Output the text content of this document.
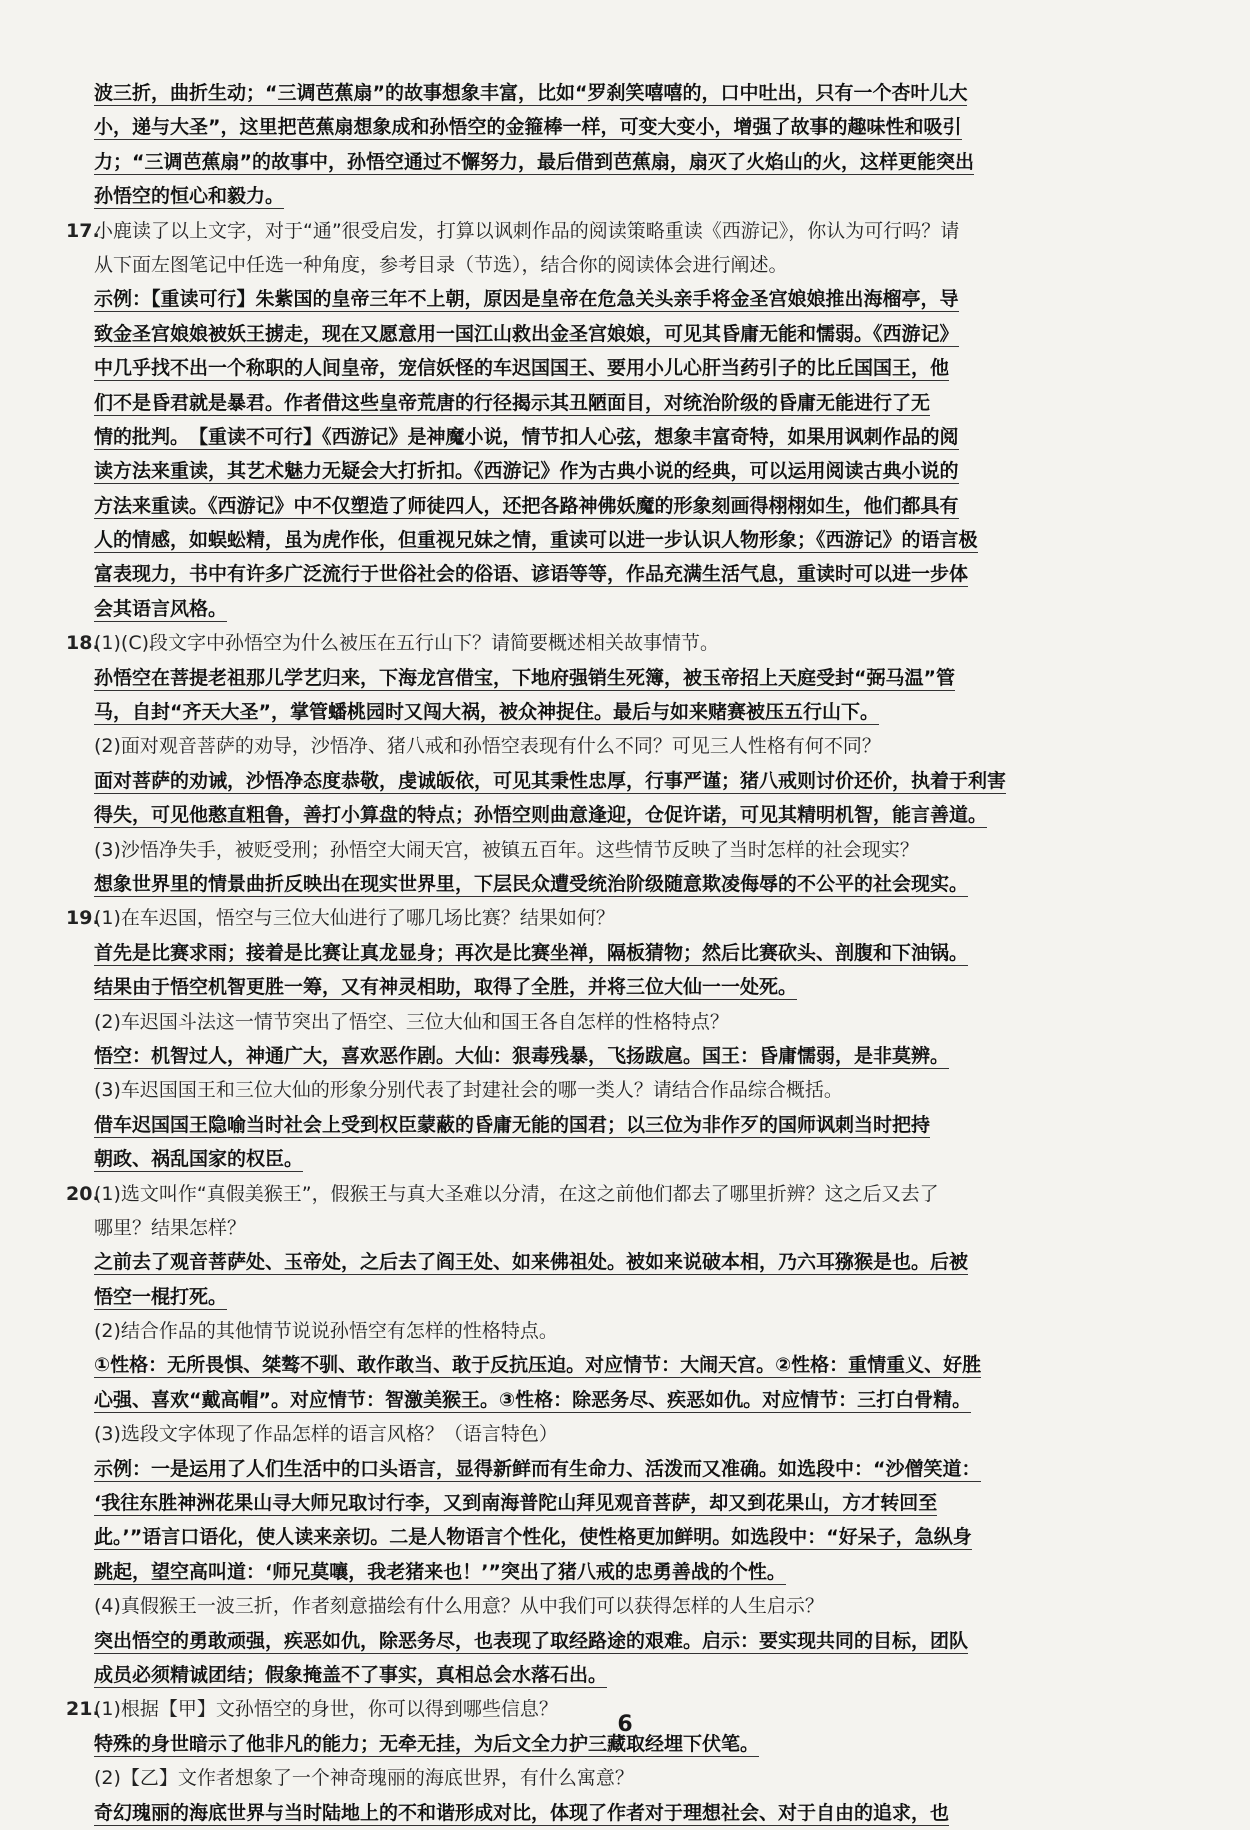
波三折，曲折生动；“三调芭蕉扇”的故事想象丰富，比如“罗刹笑嘻嘻的，口中吐出，只有一个杏叶儿大
小，递与大圣”，这里把芭蕉扇想象成和孙悟空的金箍棒一样，可变大变小，增强了故事的趣味性和吸引
力；“三调芭蕉扇”的故事中，孙悟空通过不懈努力，最后借到芭蕉扇，扇灭了火焰山的火，这样更能突出
孙悟空的恒心和毅力。
17.小鹿读了以上文字，对于“通”很受启发，打算以讽刺作品的阅读策略重读《西游记》，你认为可行吗？请
从下面左图笔记中任选一种角度，参考目录（节选），结合你的阅读体会进行阐述。
示例：【重读可行】朱紫国的皇帝三年不上朝，原因是皇帝在危急关头亲手将金圣宫娘娘推出海榴亭，导
致金圣宫娘娘被妖王掳走，现在又愿意用一国江山救出金圣宫娘娘，可见其昏庸无能和懦弱。《西游记》
中几乎找不出一个称职的人间皇帝，宠信妖怪的车迟国国王、要用小儿心肝当药引子的比丘国国王，他
们不是昏君就是暴君。作者借这些皇帝荒唐的行径揭示其丑陋面目，对统治阶级的昏庸无能进行了无
情的批判。　【重读不可行】《西游记》是神魔小说，情节扣人心弦，想象丰富奇特，如果用讽刺作品的阅
读方法来重读，其艺术魅力无疑会大打折扣。《西游记》作为古典小说的经典，可以运用阅读古典小说的
方法来重读。《西游记》中不仅塑造了师徒四人，还把各路神佛妖魔的形象刻画得栩栩如生，他们都具有
人的情感，如蜈蚣精，虽为虎作伥，但重视兄妹之情，重读可以进一步认识人物形象；《西游记》的语言极
富表现力，书中有许多广泛流行于世俗社会的俗语、谚语等等，作品充满生活气息，重读时可以进一步体
会其语言风格。
18.(1)(C)段文字中孙悟空为什么被压在五行山下？请简要概述相关故事情节。
孙悟空在菩提老祖那儿学艺归来，下海龙宫借宝，下地府强销生死簿，被玉帝招上天庭受封“弼马温”管
马，自封“齐天大圣”，掌管蟠桃园时又闯大祸，被众神捉住。最后与如来赌赛被压五行山下。
(2)面对观音菩萨的劝导，沙悟净、猪八戒和孙悟空表现有什么不同？可见三人性格有何不同？
面对菩萨的劝诫，沙悟净态度恭敬，虔诚皈依，可见其秉性忠厚，行事严谨；猪八戒则讨价还价，执着于利害
得失，可见他憨直粗鲁，善打小算盘的特点；孙悟空则曲意逢迎，仓促许诺，可见其精明机智，能言善道。
(3)沙悟净失手，被贬受刑；孙悟空大闹天宫，被镇五百年。这些情节反映了当时怎样的社会现实？
想象世界里的情景曲折反映出在现实世界里，下层民众遭受统治阶级随意欺凌侮辱的不公平的社会现实。
19.(1)在车迟国，悟空与三位大仙进行了哪几场比赛？结果如何？
首先是比赛求雨；接着是比赛让真龙显身；再次是比赛坐禅，隔板猜物；然后比赛砍头、剖腹和下油锅。
结果由于悟空机智更胜一筹，又有神灵相助，取得了全胜，并将三位大仙一一处死。
(2)车迟国斗法这一情节突出了悟空、三位大仙和国王各自怎样的性格特点？
悟空：机智过人，神通广大，喜欢恶作剧。大仙：狠毒残暴，飞扬跋扈。国王：昏庸懦弱，是非莫辨。
(3)车迟国国王和三位大仙的形象分别代表了封建社会的哪一类人？请结合作品综合概括。
借车迟国国王隐喻当时社会上受到权臣蒙蔽的昏庸无能的国君；以三位为非作歹的国师讽刺当时把持
朝政、祸乱国家的权臣。
20.(1)选文叫作“真假美猴王”，假猴王与真大圣难以分清，在这之前他们都去了哪里折辨？这之后又去了
哪里？结果怎样？
之前去了观音菩萨处、玉帝处，之后去了阎王处、如来佛祖处。被如来说破本相，乃六耳猕猴是也。后被
悟空一棍打死。
(2)结合作品的其他情节说说孙悟空有怎样的性格特点。
①性格：无所畏惧、桀骜不驯、敢作敢当、敢于反抗压迫。对应情节：大闹天宫。②性格：重情重义、好胜
心强、喜欢“戴高帽”。对应情节：智激美猴王。③性格：除恶务尽、疾恶如仇。对应情节：三打白骨精。
(3)选段文字体现了作品怎样的语言风格？（语言特色）
示例：一是运用了人们生活中的口头语言，显得新鲜而有生命力、活泼而又准确。如选段中：“沙僧笑道：
‘我往东胜神洲花果山寻大师兄取讨行李，又到南海普陀山拜见观音菩萨，却又到花果山，方才转回至
此。’”语言口语化，使人读来亲切。二是人物语言个性化，使性格更加鲜明。如选段中：“好呆子，急纵身
跳起，望空高叫道：‘师兄莫嚷，我老猪来也！’”突出了猪八戒的忠勇善战的个性。
(4)真假猴王一波三折，作者刻意描绘有什么用意？从中我们可以获得怎样的人生启示？
突出悟空的勇敢顽强，疾恶如仇，除恶务尽，也表现了取经路途的艰难。启示：要实现共同的目标，团队
成员必须精诚团结；假象掩盖不了事实，真相总会水落石出。
21.(1)根据【甲】文孙悟空的身世，你可以得到哪些信息？
特殊的身世暗示了他非凡的能力；无牵无挂，为后文全力护三藏取经埋下伏笔。
(2)【乙】文作者想象了一个神奇瑰丽的海底世界，有什么寓意？
奇幻瑰丽的海底世界与当时陆地上的不和谐形成对比，体现了作者对于理想社会、对于自由的追求，也
6
